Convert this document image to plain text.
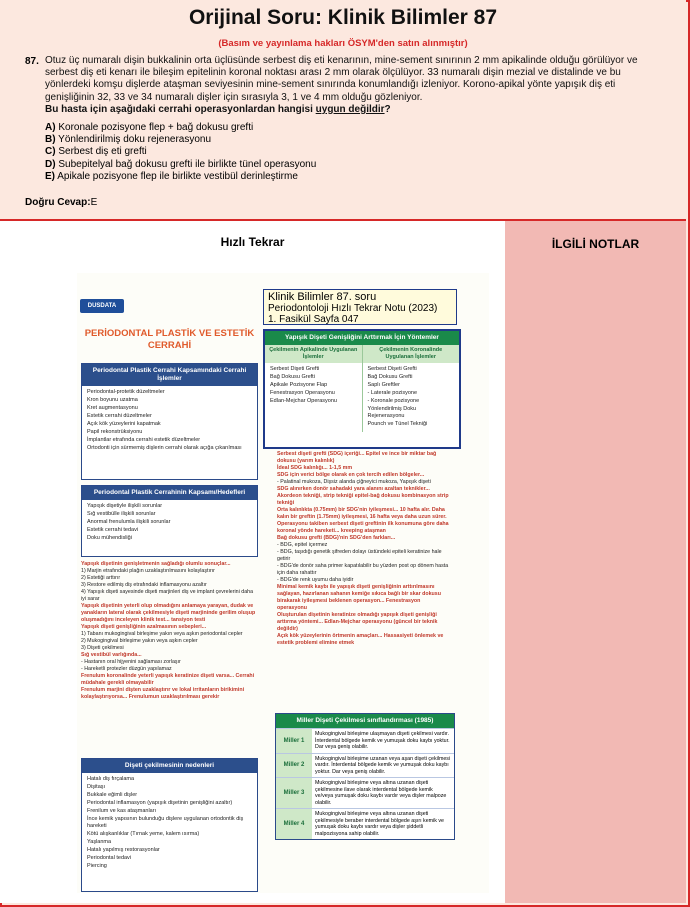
Orijinal Soru: Klinik Bilimler 87
(Basım ve yayınlama hakları ÖSYM'den satın alınmıştır)
87. Otuz üç numaralı dişin bukkalinin orta üçlüsünde serbest diş eti kenarının, mine-sement sınırının 2 mm apikalinde olduğu görülüyor ve serbest diş eti kenarı ile bileşim epitelinin koronal noktası arası 2 mm olarak ölçülüyor. 33 numaralı dişin mezial ve distalinde ve bu yönlerdeki komşu dişlerde ataşman seviyesinin mine-sement sınırında konumlandığı izleniyor. Korono-apikal yönte yapışık diş eti genişliğinin 32, 33 ve 34 numaralı dişler için sırasıyla 3, 1 ve 4 mm olduğu gözleniyor.
Bu hasta için aşağıdaki cerrahi operasyonlardan hangisi uygun değildir?
A) Koronale pozisyone flep + bağ dokusu grefti
B) Yönlendirilmiş doku rejenerasyonu
C) Serbest diş eti grefti
D) Subepitelyal bağ dokusu grefti ile birlikte tünel operasyonu
E) Apikale pozisyone flep ile birlikte vestibül derinleştirme
Doğru Cevap:E
Hızlı Tekrar
DUSDATA
PERİODONTAL PLASTİK VE ESTETİK CERRAHİ
Klinik Bilimler 87. soru
Periodontoloji Hızlı Tekrar Notu (2023)
1. Fasikül Sayfa 047
Periodontal Plastik Cerrahi Kapsamındaki Cerrahi İşlemler
Periodontal-protetik düzeltmeler
Kron boyunu uzatma
Kret augmentasyonu
Estetik cerrahi düzeltmeler
Açık kök yüzeylerini kapatmak
Papil rekonstrüksiyonu
İmplantlar etrafında cerrahi estetik düzeltmeler
Ortodonti için sürmemiş dişlerin cerrahi olarak açığa çıkarılması
Periodontal Plastik Cerrahinin Kapsamı/Hedefleri
Yapışık dişetiyle ilişkili sorunlar
Sığ vestibülle ilişkili sorunlar
Anormal frenulumla ilişkili sorunlar
Estetik cerrahi tedavi
Doku mühendisliği
Yapışık dişetinin genişletmenin sağladığı olumlu sonuçlar...
1) Marjin etrafındaki plağın uzaklaştırılmasını kolaylaştırır
2) Estetiği arttırır
3) Restore edilmiş diş etrafındaki inflamasyonu azaltır
4) Yapışık dişeti sayesinde dişeti marjinleri diş ve implant çevrelerini daha iyi sarar
Yapışık dişetinin yeterli olup olmadığını anlamaya yarayan, dudak ve yanakların lateral olarak çekilmesiyle dişeti marjininde gerilim oluşup oluşmadığını inceleyen klinik test... tansiyon testi
Yapışık dişeti genişliğinin azalmasının sebepleri...
1) Tabanı mukogingival birleşime yakın veya aşkın periodontal cepler
2) Mukogingival birleşime yakın veya aşkın cepler
3) Dişeti çekilmesi
Sığ vestibül varlığında...
- Hastanın oral hijyenini sağlaması zorlaşır
- Hareketli protezler düzgün yapılamaz
Frenulum koronalinde yeterli yapışık keratinize dişeti varsa... Cerrahi müdahale gerekli olmayabilir
Frenulum marjini dişten uzaklaştırır ve lokal irritanların birikimini kolaylaştırıyorsa... Frenulumun uzaklaştırılması gerekir
Dişeti çekilmesinin nedenleri
Hatalı diş fırçalama
Dişitaşı
Bukkale eğimli dişler
Periodontal inflamasyon (yapışık dişetinin genişliğini azaltır)
Frenilum ve kas ataşmanları
İnce kemik yapısının bulunduğu dişlere uygulanan ortodontik diş hareketi
Kötü alışkanlıklar (Tırnak yeme, kalem ısırma)
Yaşlanma
Hatalı yapılmış restorasyonlar
Periodontal tedavi
Piercing
Yapışık Dişeti Genişliğini Arttırmak İçin Yöntemler
Çekilmenin Apikalinde Uygulanan İşlemler
Serbest Dişeti Grefti
Bağ Dokusu Grefti
Apikale Pozisyone Flap
Fenestrasyon Operasyonu
Edlan-Mejchar Operasyonu
Çekilmenin Koronalinde Uygulanan İşlemler
Serbest Dişeti Grefti
Bağ Dokusu Grefti
Saplı Greftler
- Laterale pozisyone
- Koronale pozisyone
Yönlendirilmiş Doku Rejenerasyonu
Pounch ve Tünel Tekniği
Serbest dişeti grefti (SDG) içeriği... Epitel ve ince bir miktar bağ dokusu (yarım kalınlık)
İdeal SDG kalınlığı... 1-1,5 mm
SDG için verici bölge olarak en çok tercih edilen bölgeler...
- Palatinal mukoza, Dişsiz alanda çiğneyici mukoza, Yapışık dişeti
SDG alınırken donör sahadaki yara alanını azaltan teknikler... Akordeon tekniği, strip tekniği epitel-bağ dokusu kombinasyon strip tekniği
Orta kalınlıkta (0.75mm) bir SDG'nin iyileşmesi... 10 hafta alır. Daha kalın bir greftin (1.75mm) iyileşmesi, 16 hafta veya daha uzun sürer.
Operasyonu takiben serbest dişeti greftinin ilk konumuna göre daha koronal yönde hareketi... kreeping ataşman
Bağ dokusu grefti (BDG)'nin SDG'den farkları...
- BDG, epitel içermez
- BDG, taşıdığı genetik şifreden dolayı üstündeki epiteli keratinize hale getirir
- BDG'de donör saha primer kapatılabilir bu yüzden post op dönem hasta için daha rahattır
- BDG'de renk uyumu daha iyidir
Minimal kemik kaybı ile yapışık dişeti genişliğinin arttırılmasını sağlayan, hazırlanan sahanın kemiğe sıkıca bağlı bir skar dokusu birakarak iyileşmesi beklenen operasyon... Fenestrasyon operasyonu
Oluşturulan dişetinin keratinize olmadığı yapışık dişeti genişliği arttırma yöntemi... Edlan-Mejchar operasyonu (güncel bir teknik değildir)
Açık kök yüzeylerinin örtmenin amaçları... Hassasiyeti önlemek ve estetik problemi elimine etmek
Miller Dişeti Çekilmesi sınıflandırması (1985)
Miller 1
Mukogingival birleşime ulaşmayan dişeti çekilmesi vardır. İnterdental bölgede kemik ve yumuşak doku kaybı yoktur. Dar veya geniş olabilir.
Miller 2
Mukogingival birleşime uzanan veya aşan dişeti çekilmesi vardır. İnterdental bölgede kemik ve yumuşak doku kaybı yoktur. Dar veya geniş olabilir.
Miller 3
Mukogingival birleşime veya altına uzanan dişeti çekilmesine ilave olarak interdental bölgede kemik ve/veya yumuşak doku kaybı vardır veya dişler malpoze olabilir.
Miller 4
Mukogingival birleşime veya altına uzanan dişeti çekilmesiyle beraber interdental bölgede aşırı kemik ve yumuşak doku kaybı vardır veya dişler şiddetli malpozisyona sahip olabilir.
İLGİLİ NOTLAR
